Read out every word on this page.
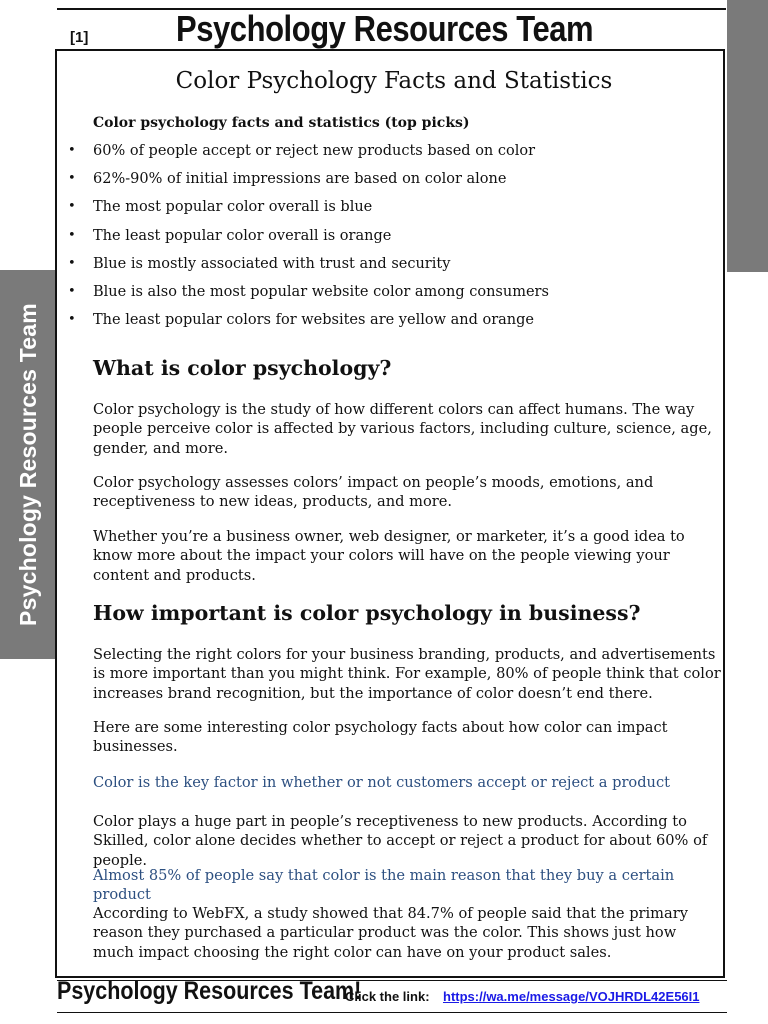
Psychology Resources Team
[1] Psychology Resources Team
Color Psychology Facts and Statistics
Color psychology facts and statistics (top picks)
• 60% of people accept or reject new products based on color
• 62%-90% of initial impressions are based on color alone
• The most popular color overall is blue
• The least popular color overall is orange
• Blue is mostly associated with trust and security
• Blue is also the most popular website color among consumers
• The least popular colors for websites are yellow and orange
What is color psychology?

Color psychology is the study of how different colors can affect humans. The way people perceive color is affected by various factors, including culture, science, age, gender, and more.

Color psychology assesses colors’ impact on people’s moods, emotions, and receptiveness to new ideas, products, and more.

Whether you’re a business owner, web designer, or marketer, it’s a good idea to know more about the impact your colors will have on the people viewing your content and products.

How important is color psychology in business?

Selecting the right colors for your business branding, products, and advertisements is more important than you might think. For example, 80% of people think that color increases brand recognition, but the importance of color doesn’t end there.

Here are some interesting color psychology facts about how color can impact businesses.

Color is the key factor in whether or not customers accept or reject a product

Color plays a huge part in people’s receptiveness to new products. According to Skilled, color alone decides whether to accept or reject a product for about 60% of people.

Almost 85% of people say that color is the main reason that they buy a certain product

According to WebFX, a study showed that 84.7% of people said that the primary reason they purchased a particular product was the color. This shows just how much impact choosing the right color can have on your product sales.

Psychology Resources Team!
Click the link: https://wa.me/message/VOJHRDL42E56I1
